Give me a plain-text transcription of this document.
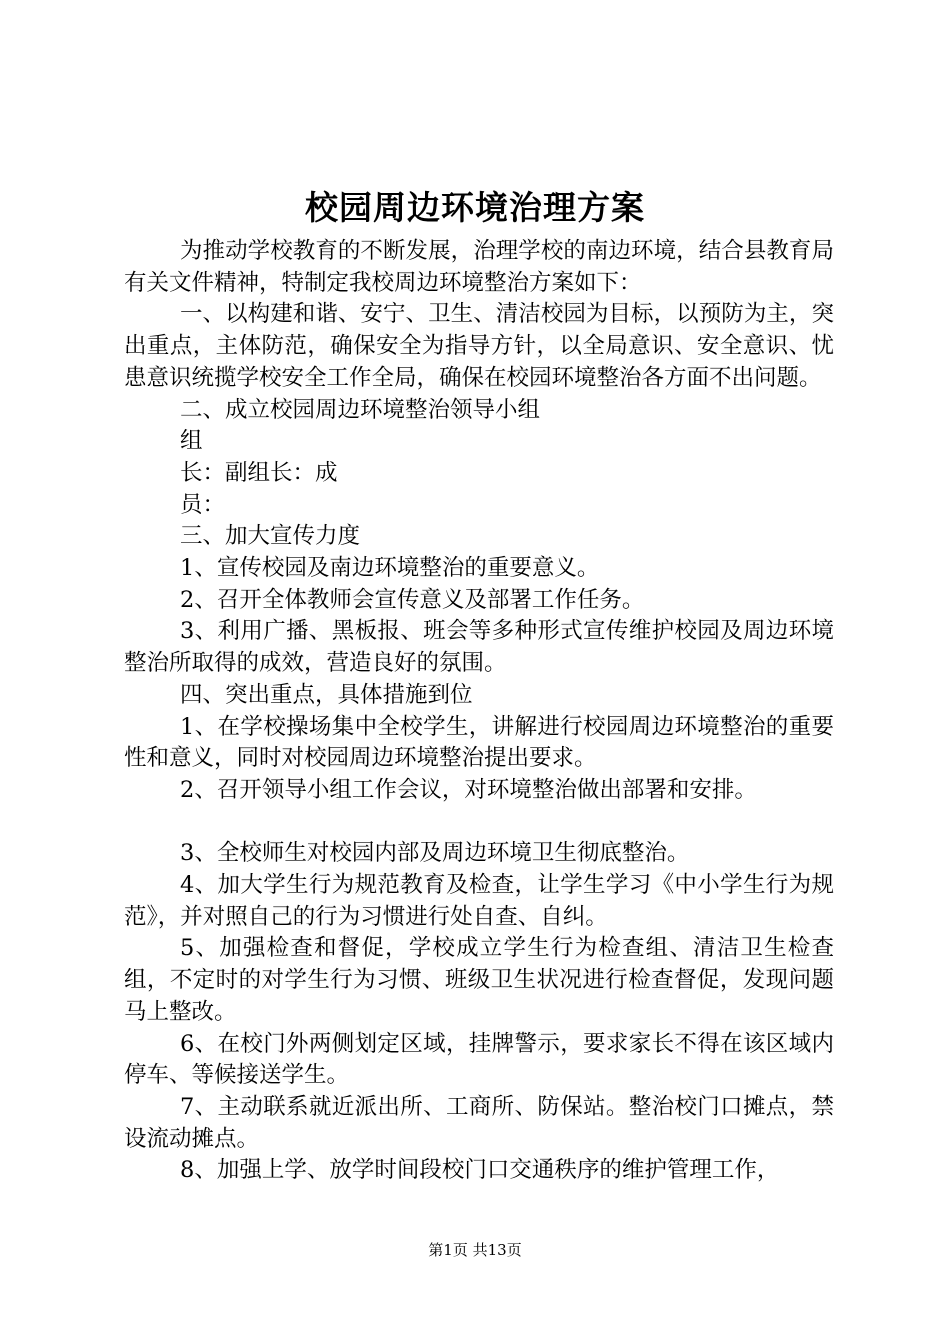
校园周边环境治理方案

为推动学校教育的不断发展，治理学校的南边环境，结合县教育局有关文件精神，特制定我校周边环境整治方案如下：

一、以构建和谐、安宁、卫生、清洁校园为目标，以预防为主，突出重点，主体防范，确保安全为指导方针，以全局意识、安全意识、忧患意识统揽学校安全工作全局，确保在校园环境整治各方面不出问题。

二、成立校园周边环境整治领导小组

组

长：副组长：成

员：

三、加大宣传力度

1、宣传校园及南边环境整治的重要意义。

2、召开全体教师会宣传意义及部署工作任务。

3、利用广播、黑板报、班会等多种形式宣传维护校园及周边环境整治所取得的成效，营造良好的氛围。

四、突出重点，具体措施到位

1、在学校操场集中全校学生，讲解进行校园周边环境整治的重要性和意义，同时对校园周边环境整治提出要求。

2、召开领导小组工作会议，对环境整治做出部署和安排。

3、全校师生对校园内部及周边环境卫生彻底整治。

4、加大学生行为规范教育及检查，让学生学习《中小学生行为规范》，并对照自己的行为习惯进行处自查、自纠。

5、加强检查和督促，学校成立学生行为检查组、清洁卫生检查组，不定时的对学生行为习惯、班级卫生状况进行检查督促，发现问题马上整改。

6、在校门外两侧划定区域，挂牌警示，要求家长不得在该区域内停车、等候接送学生。

7、主动联系就近派出所、工商所、防保站。整治校门口摊点，禁设流动摊点。

8、加强上学、放学时间段校门口交通秩序的维护管理工作，

第1页 共13页
